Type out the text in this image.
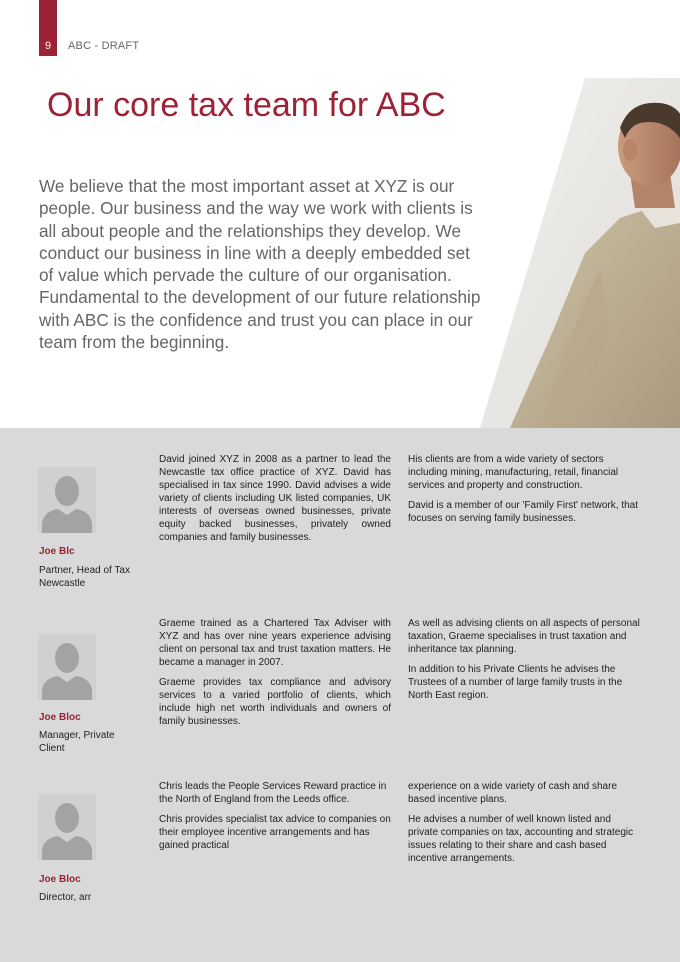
9	ABC - DRAFT
Our core tax team for ABC

We believe that the most important asset at XYZ is our people. Our business and the way we work with clients is all about people and the relationships they develop. We conduct our business in line with a deeply embedded set of value which pervade the culture of our organisation. Fundamental to the development of our future relationship with ABC is the confidence and trust you can place in our team from the beginning.

Joe Blc
Partner, Head of Tax Newcastle

David joined XYZ in 2008 as a partner to lead the Newcastle tax office practice of XYZ. David has specialised in tax since 1990. David advises a wide variety of clients including UK listed companies, UK interests of overseas owned businesses, private equity backed businesses, privately owned companies and family businesses.

His clients are from a wide variety of sectors including mining, manufacturing, retail, financial services and property and construction.

David is a member of our 'Family First' network, that focuses on serving family businesses.

Joe Bloc
Manager, Private Client

Graeme trained as a Chartered Tax Adviser with XYZ and has over nine years experience advising client on personal tax and trust taxation matters. He became a manager in 2007.

Graeme provides tax compliance and advisory services to a varied portfolio of clients, which include high net worth individuals and owners of family businesses.

As well as advising clients on all aspects of personal taxation, Graeme specialises in trust taxation and inheritance tax planning.

In addition to his Private Clients he advises the Trustees of a number of large family trusts in the North East region.

Joe Bloc
Director, arr

Chris leads the People Services Reward practice in the North of England from the Leeds office.

Chris provides specialist tax advice to companies on their employee incentive arrangements and has gained practical

experience on a wide variety of cash and share based incentive plans.

He advises a number of well known listed and private companies on tax, accounting and strategic issues relating to their share and cash based incentive arrangements.
